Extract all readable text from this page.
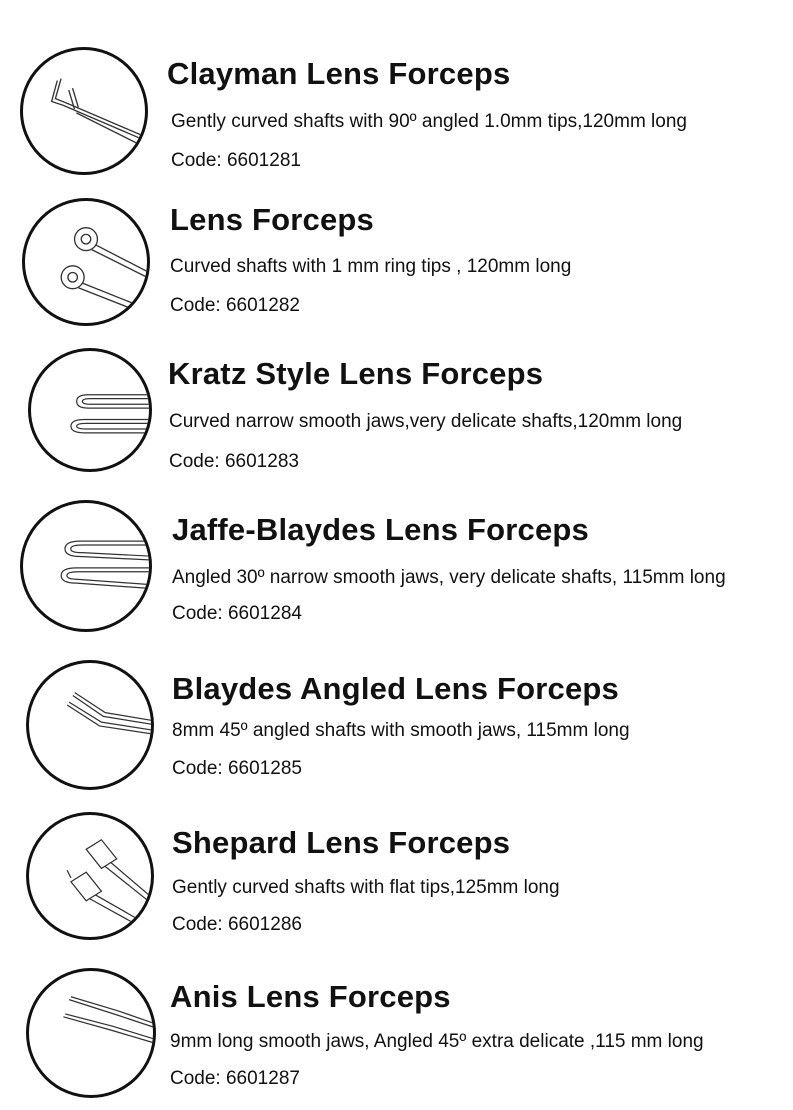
Clayman Lens Forceps
Gently curved shafts with 90º angled 1.0mm tips,120mm long
Code: 6601281
Lens Forceps
Curved shafts with 1 mm ring tips , 120mm long
Code: 6601282
Kratz Style Lens Forceps
Curved narrow smooth jaws,very delicate shafts,120mm long
Code: 6601283
Jaffe-Blaydes Lens Forceps
Angled 30º narrow smooth jaws, very delicate shafts, 115mm long
Code: 6601284
Blaydes Angled Lens Forceps
8mm 45º angled shafts with smooth jaws, 115mm long
Code: 6601285
Shepard Lens Forceps
Gently curved shafts with flat tips,125mm long
Code: 6601286
Anis Lens Forceps
9mm long smooth jaws, Angled 45º extra delicate ,115 mm long
Code: 6601287
